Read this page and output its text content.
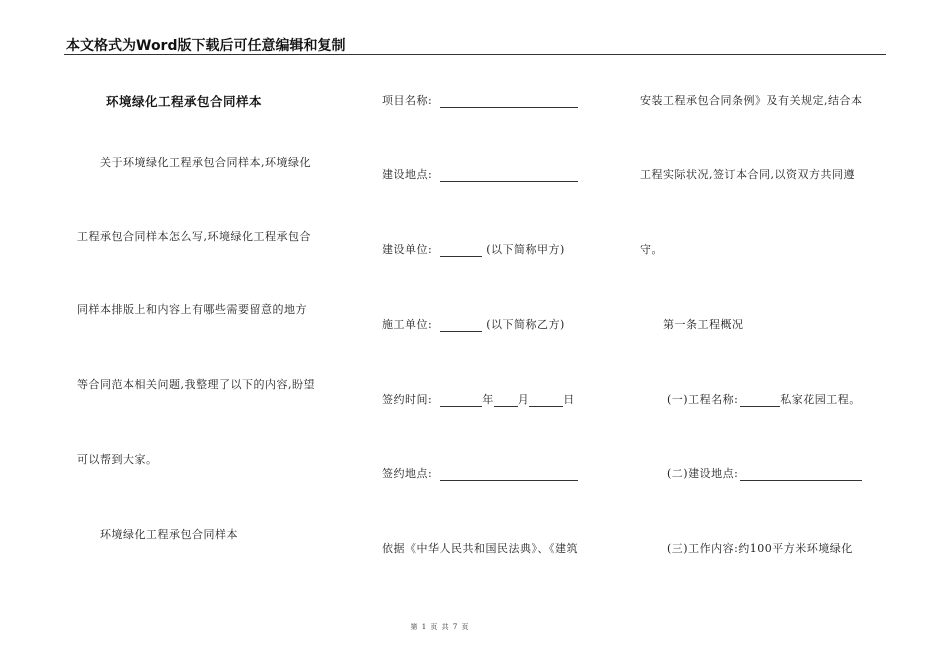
本文格式为Word版下载后可任意编辑和复制
环境绿化工程承包合同样本
关于环境绿化工程承包合同样本,环境绿化
工程承包合同样本怎么写,环境绿化工程承包合
同样本排版上和内容上有哪些需要留意的地方
等合同范本相关问题,我整理了以下的内容,盼望
可以帮到大家。
环境绿化工程承包合同样本
项目名称:
建设地点:
建设单位:	(以下简称甲方)
施工单位:	(以下简称乙方)
签约时间:	年 月	日
签约地点:
依据《中华人民共和国民法典》、《建筑
安装工程承包合同条例》及有关规定,结合本
工程实际状况,签订本合同,以资双方共同遵
守。
第一条工程概况
(一)工程名称:	私家花园工程。
(二)建设地点:
(三)工作内容:约100平方米环境绿化
第 1 页 共 7 页
